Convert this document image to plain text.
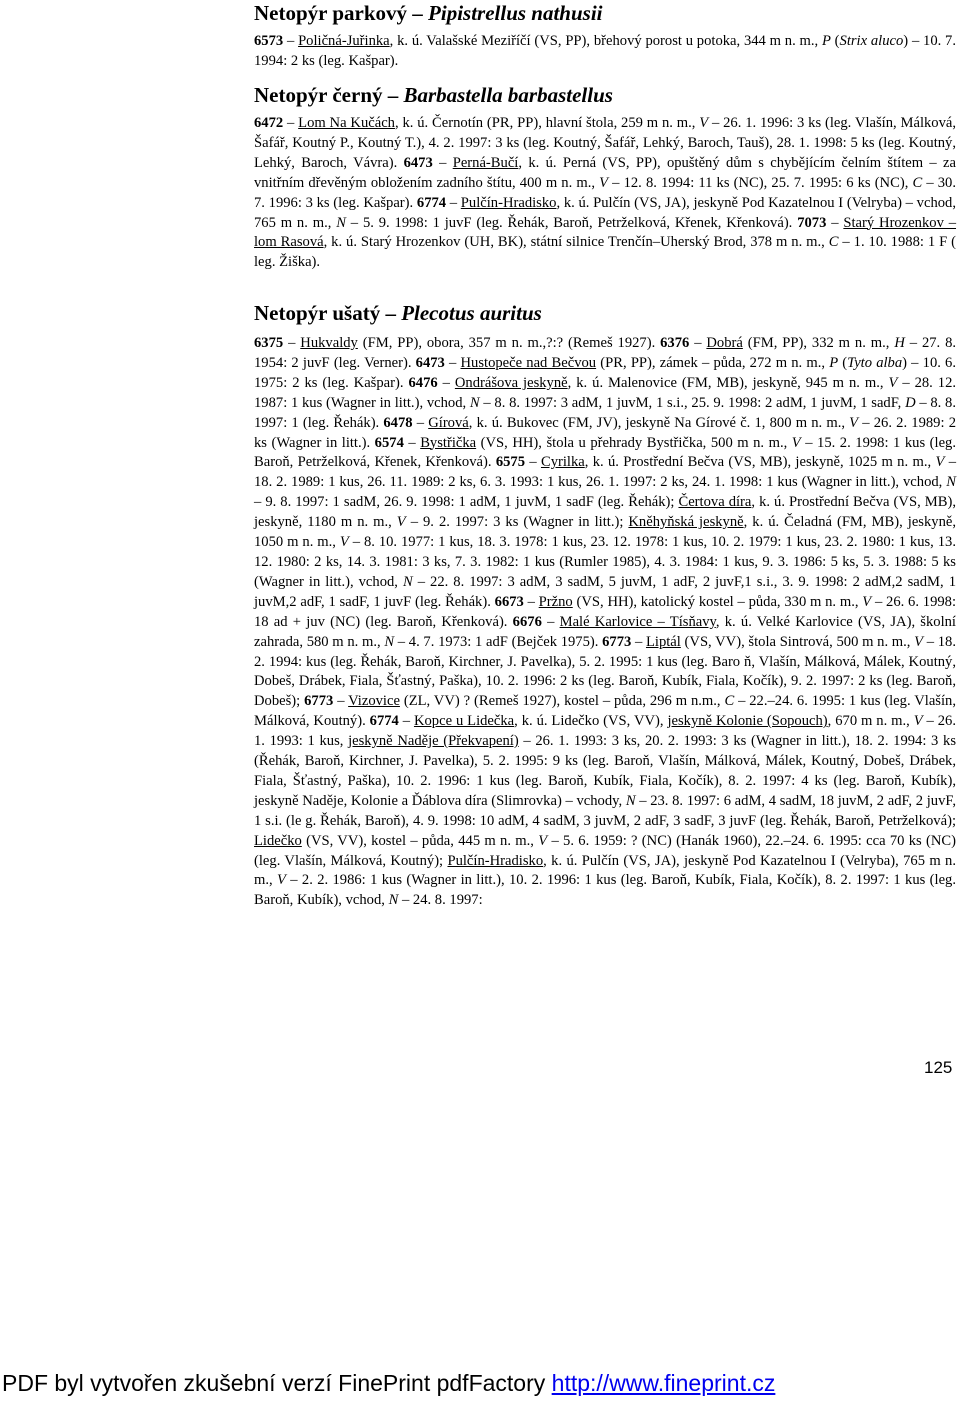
Netopýr parkový – Pipistrellus nathusii

6573 – Poličná-Juřinka, k. ú. Valašské Meziříčí (VS, PP), břehový porost u potoka, 344 m n. m., P (Strix aluco) – 10. 7. 1994: 2 ks (leg. Kašpar).

Netopýr černý – Barbastella barbastellus

6472 – Lom Na Kučách, k. ú. Černotín (PR, PP), hlavní štola, 259 m n. m., V – 26. 1. 1996: 3 ks (leg. Vlašín, Málková, Šafář, Koutný P., Koutný T.), 4. 2. 1997: 3 ks (leg. Koutný, Šafář, Lehký, Baroch, Tauš), 28. 1. 1998: 5 ks (leg. Koutný, Lehký, Baroch, Vávra). 6473 – Perná-Bučí, k. ú. Perná (VS, PP), opuštěný dům s chybějícím čelním štítem – za vnitřním dřevěným obložením zadního štítu, 400 m n. m., V – 12. 8. 1994: 11 ks (NC), 25. 7. 1995: 6 ks (NC), C – 30. 7. 1996: 3 ks (leg. Kašpar). 6774 – Pulčín-Hradisko, k. ú. Pulčín (VS, JA), jeskyně Pod Kazatelnou I (Velryba) – vchod, 765 m n. m., N – 5. 9. 1998: 1 juvF (leg. Řehák, Baroň, Petrželková, Křenek, Křenková). 7073 – Starý Hrozenkov – lom Rasová, k. ú. Starý Hrozenkov (UH, BK), státní silnice Trenčín–Uherský Brod, 378 m n. m., C – 1. 10. 1988: 1 F ( leg. Žiška).

Netopýr ušatý – Plecotus auritus

6375 – Hukvaldy (FM, PP), obora, 357 m n. m.,?:? (Remeš 1927). 6376 – Dobrá (FM, PP), 332 m n. m., H – 27. 8. 1954: 2 juvF (leg. Verner). 6473 – Hustopeče nad Bečvou (PR, PP), zámek – půda, 272 m n. m., P (Tyto alba) – 10. 6. 1975: 2 ks (leg. Kašpar). 6476 – Ondrášova jeskyně, k. ú. Malenovice (FM, MB), jeskyně, 945 m n. m., V – 28. 12. 1987: 1 kus (Wagner in litt.), vchod, N – 8. 8. 1997: 3 adM, 1 juvM, 1 s.i., 25. 9. 1998: 2 adM, 1 juvM, 1 sadF, D – 8. 8. 1997: 1 (leg. Řehák). 6478 – Gírová, k. ú. Bukovec (FM, JV), jeskyně Na Gírové č. 1, 800 m n. m., V – 26. 2. 1989: 2 ks (Wagner in litt.). 6574 – Bystřička (VS, HH), štola u přehrady Bystřička, 500 m n. m., V – 15. 2. 1998: 1 kus (leg. Baroň, Petrželková, Křenek, Křenková). 6575 – Cyrilka, k. ú. Prostřední Bečva (VS, MB), jeskyně, 1025 m n. m., V – 18. 2. 1989: 1 kus, 26. 11. 1989: 2 ks, 6. 3. 1993: 1 kus, 26. 1. 1997: 2 ks, 24. 1. 1998: 1 kus (Wagner in litt.), vchod, N – 9. 8. 1997: 1 sadM, 26. 9. 1998: 1 adM, 1 juvM, 1 sadF (leg. Řehák); Čertova díra, k. ú. Prostřední Bečva (VS, MB), jeskyně, 1180 m n. m., V – 9. 2. 1997: 3 ks (Wagner in litt.); Kněhyňská jeskyně, k. ú. Čeladná (FM, MB), jeskyně, 1050 m n. m., V – 8. 10. 1977: 1 kus, 18. 3. 1978: 1 kus, 23. 12. 1978: 1 kus, 10. 2. 1979: 1 kus, 23. 2. 1980: 1 kus, 13. 12. 1980: 2 ks, 14. 3. 1981: 3 ks, 7. 3. 1982: 1 kus (Rumler 1985), 4. 3. 1984: 1 kus, 9. 3. 1986: 5 ks, 5. 3. 1988: 5 ks (Wagner in litt.), vchod, N – 22. 8. 1997: 3 adM, 3 sadM, 5 juvM, 1 adF, 2 juvF,1 s.i., 3. 9. 1998: 2 adM,2 sadM, 1 juvM,2 adF, 1 sadF, 1 juvF (leg. Řehák). 6673 – Pržno (VS, HH), katolický kostel – půda, 330 m n. m., V – 26. 6. 1998: 18 ad + juv (NC) (leg. Baroň, Křenková). 6676 – Malé Karlovice – Tísňavy, k. ú. Velké Karlovice (VS, JA), školní zahrada, 580 m n. m., N – 4. 7. 1973: 1 adF (Bejček 1975). 6773 – Liptál (VS, VV), štola Sintrová, 500 m n. m., V – 18. 2. 1994: kus (leg. Řehák, Baroň, Kirchner, J. Pavelka), 5. 2. 1995: 1 kus (leg. Baro ň, Vlašín, Málková, Málek, Koutný, Dobeš, Drábek, Fiala, Šťastný, Paška), 10. 2. 1996: 2 ks (leg. Baroň, Kubík, Fiala, Kočík), 9. 2. 1997: 2 ks (leg. Baroň, Dobeš); 6773 – Vizovice (ZL, VV) ? (Remeš 1927), kostel – půda, 296 m n.m., C – 22.–24. 6. 1995: 1 kus (leg. Vlašín, Málková, Koutný). 6774 – Kopce u Lidečka, k. ú. Lidečko (VS, VV), jeskyně Kolonie (Sopouch), 670 m n. m., V – 26. 1. 1993: 1 kus, jeskyně Naděje (Překvapení) – 26. 1. 1993: 3 ks, 20. 2. 1993: 3 ks (Wagner in litt.), 18. 2. 1994: 3 ks (Řehák, Baroň, Kirchner, J. Pavelka), 5. 2. 1995: 9 ks (leg. Baroň, Vlašín, Málková, Málek, Koutný, Dobeš, Drábek, Fiala, Šťastný, Paška), 10. 2. 1996: 1 kus (leg. Baroň, Kubík, Fiala, Kočík), 8. 2. 1997: 4 ks (leg. Baroň, Kubík), jeskyně Naděje, Kolonie a Ďáblova díra (Slimrovka) – vchody, N – 23. 8. 1997: 6 adM, 4 sadM, 18 juvM, 2 adF, 2 juvF, 1 s.i. (le g. Řehák, Baroň), 4. 9. 1998: 10 adM, 4 sadM, 3 juvM, 2 adF, 3 sadF, 3 juvF (leg. Řehák, Baroň, Petrželková); Lidečko (VS, VV), kostel – půda, 445 m n. m., V – 5. 6. 1959: ? (NC) (Hanák 1960), 22.–24. 6. 1995: cca 70 ks (NC) (leg. Vlašín, Málková, Koutný); Pulčín-Hradisko, k. ú. Pulčín (VS, JA), jeskyně Pod Kazatelnou I (Velryba), 765 m n. m., V – 2. 2. 1986: 1 kus (Wagner in litt.), 10. 2. 1996: 1 kus (leg. Baroň, Kubík, Fiala, Kočík), 8. 2. 1997: 1 kus (leg. Baroň, Kubík), vchod, N – 24. 8. 1997:

125
PDF byl vytvořen zkušební verzí FinePrint pdfFactory http://www.fineprint.cz
